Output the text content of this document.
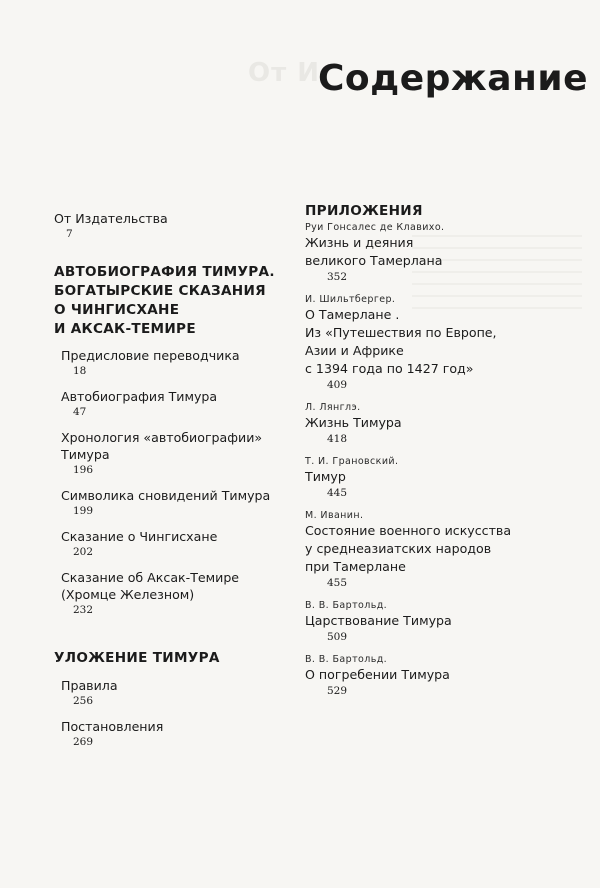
От И
Содержание
От Издательства
7
АВТОБИОГРАФИЯ ТИМУРА.
БОГАТЫРСКИЕ СКАЗАНИЯ
О ЧИНГИСХАНЕ
И АКСАК-ТЕМИРЕ
Предисловие переводчика
18
Автобиография Тимура
47
Хронология «автобиографии» Тимура
196
Символика сновидений Тимура
199
Сказание о Чингисхане
202
Сказание об Аксак-Темире
(Хромце Железном)
232
УЛОЖЕНИЕ ТИМУРА
Правила
256
Постановления
269
ПРИЛОЖЕНИЯ
Руи Гонсалес де Клавихо.
Жизнь и деяния
великого Тамерлана
352
И. Шильтбергер.
О Тамерлане .
Из «Путешествия по Европе,
Азии и Африке
с 1394 года по 1427 год»
409
Л. Лянглэ.
Жизнь Тимура
418
Т. И. Грановский.
Тимур
445
М. Иванин.
Состояние военного искусства
у среднеазиатских народов
при Тамерлане
455
В. В. Бартольд.
Царствование Тимура
509
В. В. Бартольд.
О погребении Тимура
529
